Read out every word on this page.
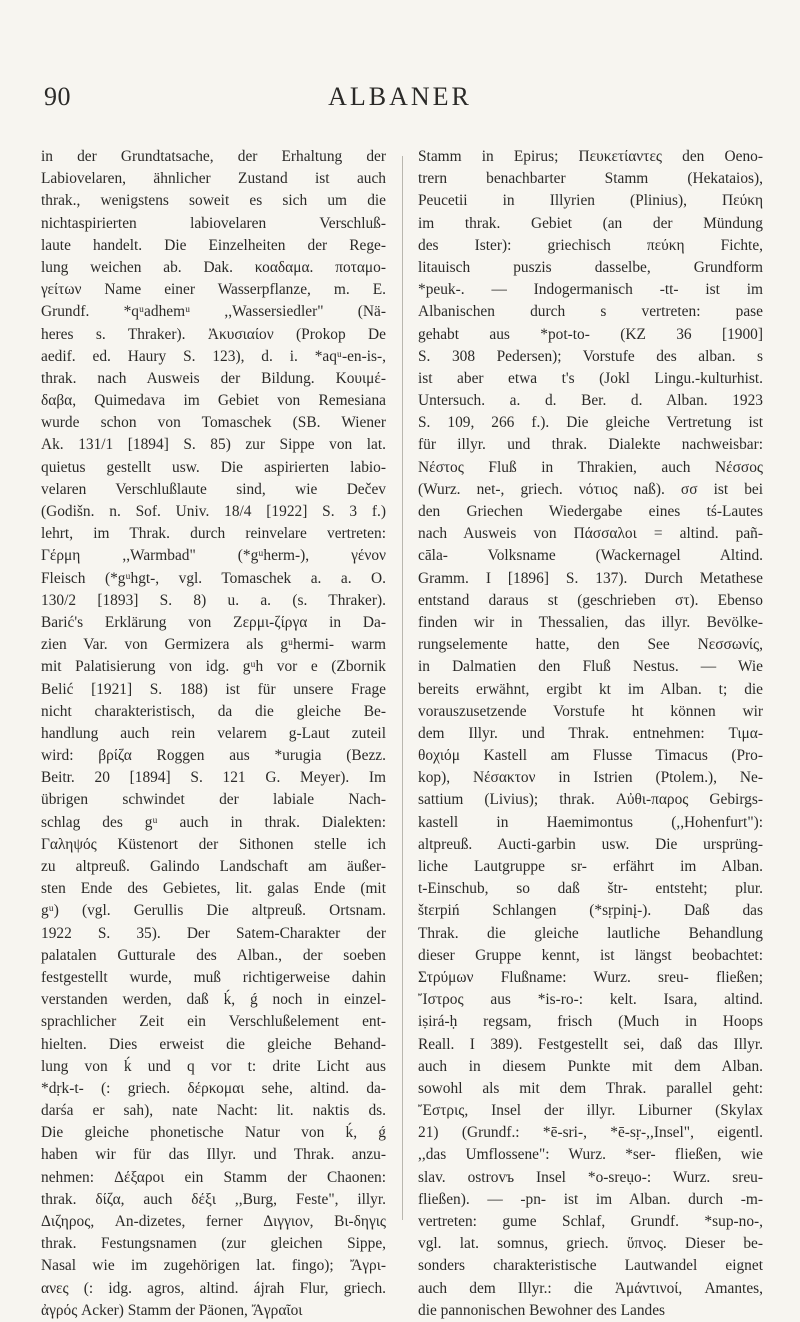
90	ALBANER
in der Grundtatsache, der Erhaltung der
Labiovelaren, ähnlicher Zustand ist auch
thrak., wenigstens soweit es sich um die
nichtaspirierten labiovelaren Verschluß-
laute handelt. Die Einzelheiten der Rege-
lung weichen ab. Dak. κοαδαμα. ποταμο-
γείτων Name einer Wasserpflanze, m. E.
Grundf. *qᵘadhemᵘ ,,Wassersiedler" (Nä-
heres s. Thraker). Ἀκυσιαίον (Prokop De
aedif. ed. Haury S. 123), d. i. *aqᵘ-en-is-,
thrak. nach Ausweis der Bildung. Κουιμέ-
δαβα, Quimedava im Gebiet von Remesiana
wurde schon von Tomaschek (SB. Wiener
Ak. 131/1 [1894] S. 85) zur Sippe von lat.
quietus gestellt usw. Die aspirierten labio-
velaren Verschlußlaute sind, wie Dečev
(Godišn. n. Sof. Univ. 18/4 [1922] S. 3 f.)
lehrt, im Thrak. durch reinvelare vertreten:
Γέρμη ,,Warmbad" (*gᵘherm-), γένον
Fleisch (*gᵘhgt-, vgl. Tomaschek a. a. O.
130/2 [1893] S. 8) u. a. (s. Thraker).
Barić's Erklärung von Ζερμι-ζίργα in Da-
zien Var. von Germizera als gᵘhermi- warm
mit Palatisierung von idg. gᵘh vor e (Zbornik
Belić [1921] S. 188) ist für unsere Frage
nicht charakteristisch, da die gleiche Be-
handlung auch rein velarem g-Laut zuteil
wird: βρίζα Roggen aus *urugia (Bezz.
Beitr. 20 [1894] S. 121 G. Meyer). Im
übrigen schwindet der labiale Nach-
schlag des gᵘ auch in thrak. Dialekten:
Γαληψός Küstenort der Sithonen stelle ich
zu altpreuß. Galindo Landschaft am äußer-
sten Ende des Gebietes, lit. galas Ende (mit
gᵘ) (vgl. Gerullis Die altpreuß. Ortsnam.
1922 S. 35). Der Satem-Charakter der
palatalen Gutturale des Alban., der soeben
festgestellt wurde, muß richtigerweise dahin
verstanden werden, daß ḱ, ǵ noch in einzel-
sprachlicher Zeit ein Verschlußelement ent-
hielten. Dies erweist die gleiche Behand-
lung von ḱ und q vor t: drite Licht aus
*dṛk-t- (: griech. δέρκομαι sehe, altind. da-
darśa er sah), nate Nacht: lit. naktis ds.
Die gleiche phonetische Natur von ḱ, ǵ
haben wir für das Illyr. und Thrak. anzu-
nehmen: Δέξαροι ein Stamm der Chaonen:
thrak. δίζα, auch δέξι ,,Burg, Feste", illyr.
Διζηρος, An-dizetes, ferner Διγγιον, Βι-δηγις
thrak. Festungsnamen (zur gleichen Sippe,
Nasal wie im zugehörigen lat. fingo); Ἄγρι-
ανες (: idg. agros, altind. ájrah Flur, griech.
ἀγρός Acker) Stamm der Päonen, Ἄγραῖοι
Stamm in Epirus; Πευκετίαντες den Oeno-
trern benachbarter Stamm (Hekataios),
Peucetii in Illyrien (Plinius), Πεύκη
im thrak. Gebiet (an der Mündung
des Ister): griechisch πεύκη Fichte,
litauisch puszis dasselbe, Grundform
*peuk-. — Indogermanisch -tt- ist im
Albanischen durch s vertreten: pase
gehabt aus *pot-to- (KZ 36 [1900]
S. 308 Pedersen); Vorstufe des alban. s
ist aber etwa t's (Jokl Lingu.-kulturhist.
Untersuch. a. d. Ber. d. Alban. 1923
S. 109, 266 f.). Die gleiche Vertretung ist
für illyr. und thrak. Dialekte nachweisbar:
Νέστος Fluß in Thrakien, auch Νέσσος
(Wurz. net-, griech. νότιος naß). σσ ist bei
den Griechen Wiedergabe eines tś-Lautes
nach Ausweis von Πάσσαλοι = altind. pañ-
cāla- Volksname (Wackernagel Altind.
Gramm. I [1896] S. 137). Durch Metathese
entstand daraus st (geschrieben στ). Ebenso
finden wir in Thessalien, das illyr. Bevölke-
rungselemente hatte, den See Νεσσωνίς,
in Dalmatien den Fluß Nestus. — Wie
bereits erwähnt, ergibt kt im Alban. t; die
vorauszusetzende Vorstufe ht können wir
dem Illyr. und Thrak. entnehmen: Τιμα-
θοχιόμ Kastell am Flusse Timacus (Pro-
kop), Νέσακτον in Istrien (Ptolem.), Ne-
sattium (Livius); thrak. Αὐθι-παρος Gebirgs-
kastell in Haemimontus (,,Hohenfurt"):
altpreuß. Aucti-garbin usw. Die ursprüng-
liche Lautgruppe sr- erfährt im Alban.
t-Einschub, so daß štr- entsteht; plur.
štεrpiń Schlangen (*sṛpinį-). Daß das
Thrak. die gleiche lautliche Behandlung
dieser Gruppe kennt, ist längst beobachtet:
Στρύμων Flußname: Wurz. sreu- fließen;
Ἴστρος aus *is-ro-: kelt. Isara, altind.
iṣirá-ḥ regsam, frisch (Much in Hoops
Reall. I 389). Festgestellt sei, daß das Illyr.
auch in diesem Punkte mit dem Alban.
sowohl als mit dem Thrak. parallel geht:
Ἔστρις, Insel der illyr. Liburner (Skylax
21) (Grundf.: *ē-sri-, *ē-sṛ-,,Insel", eigentl.
,,das Umflossene": Wurz. *ser- fließen, wie
slav. ostrovъ Insel *o-sreụo-: Wurz. sreu-
fließen). — -pn- ist im Alban. durch -m-
vertreten: gume Schlaf, Grundf. *sup-no-,
vgl. lat. somnus, griech. ὕπνος. Dieser be-
sonders charakteristische Lautwandel eignet
auch dem Illyr.: die Ἀμάντινοί, Amantes,
die pannonischen Bewohner des Landes
